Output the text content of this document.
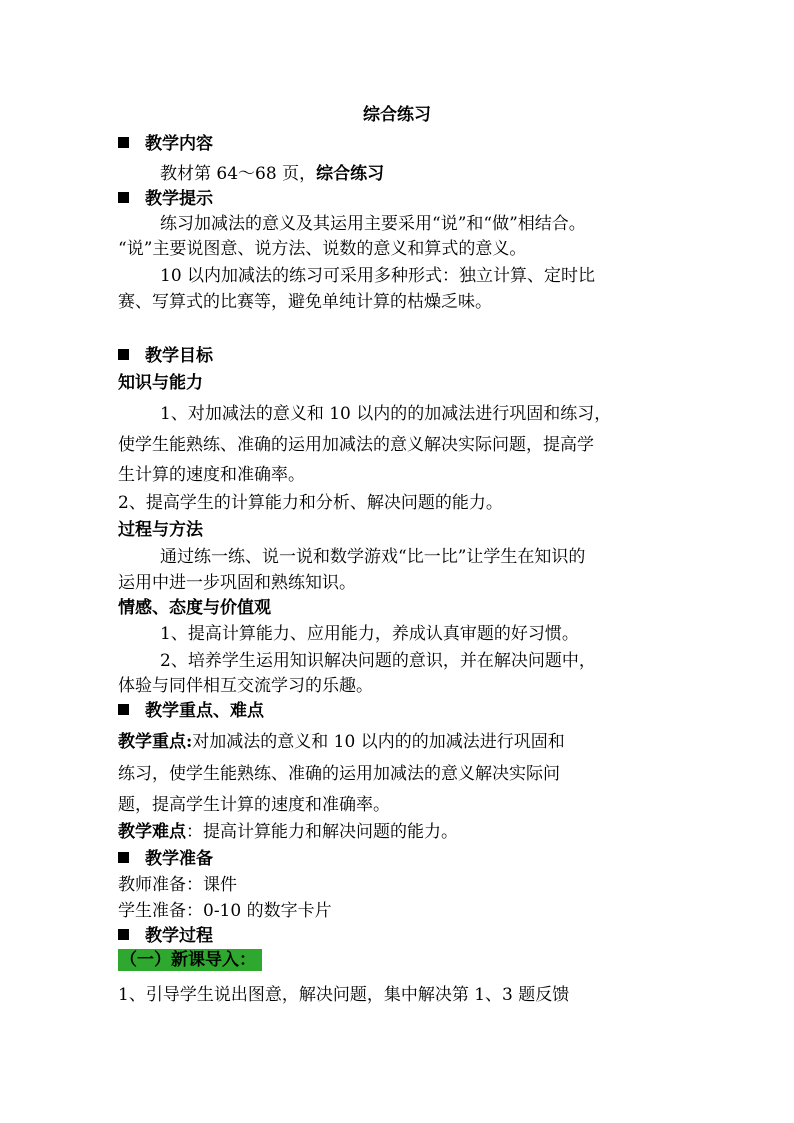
综合练习
教学内容
教材第 64～68 页，综合练习
教学提示
练习加减法的意义及其运用主要采用“说”和“做”相结合。
“说”主要说图意、说方法、说数的意义和算式的意义。
10 以内加减法的练习可采用多种形式：独立计算、定时比
赛、写算式的比赛等，避免单纯计算的枯燥乏味。
教学目标
知识与能力
1、对加减法的意义和 10 以内的的加减法进行巩固和练习，
使学生能熟练、准确的运用加减法的意义解决实际问题，提高学
生计算的速度和准确率。
2、提高学生的计算能力和分析、解决问题的能力。
过程与方法
通过练一练、说一说和数学游戏“比一比”让学生在知识的
运用中进一步巩固和熟练知识。
情感、态度与价值观
1、提高计算能力、应用能力，养成认真审题的好习惯。
2、培养学生运用知识解决问题的意识，并在解决问题中，
体验与同伴相互交流学习的乐趣。
教学重点、难点
教学重点:对加减法的意义和 10 以内的的加减法进行巩固和
练习，使学生能熟练、准确的运用加减法的意义解决实际问
题，提高学生计算的速度和准确率。
教学难点：提高计算能力和解决问题的能力。
教学准备
教师准备：课件
学生准备：0-10 的数字卡片
教学过程
（一）新课导入：
1、引导学生说出图意，解决问题，集中解决第 1、3 题反馈
